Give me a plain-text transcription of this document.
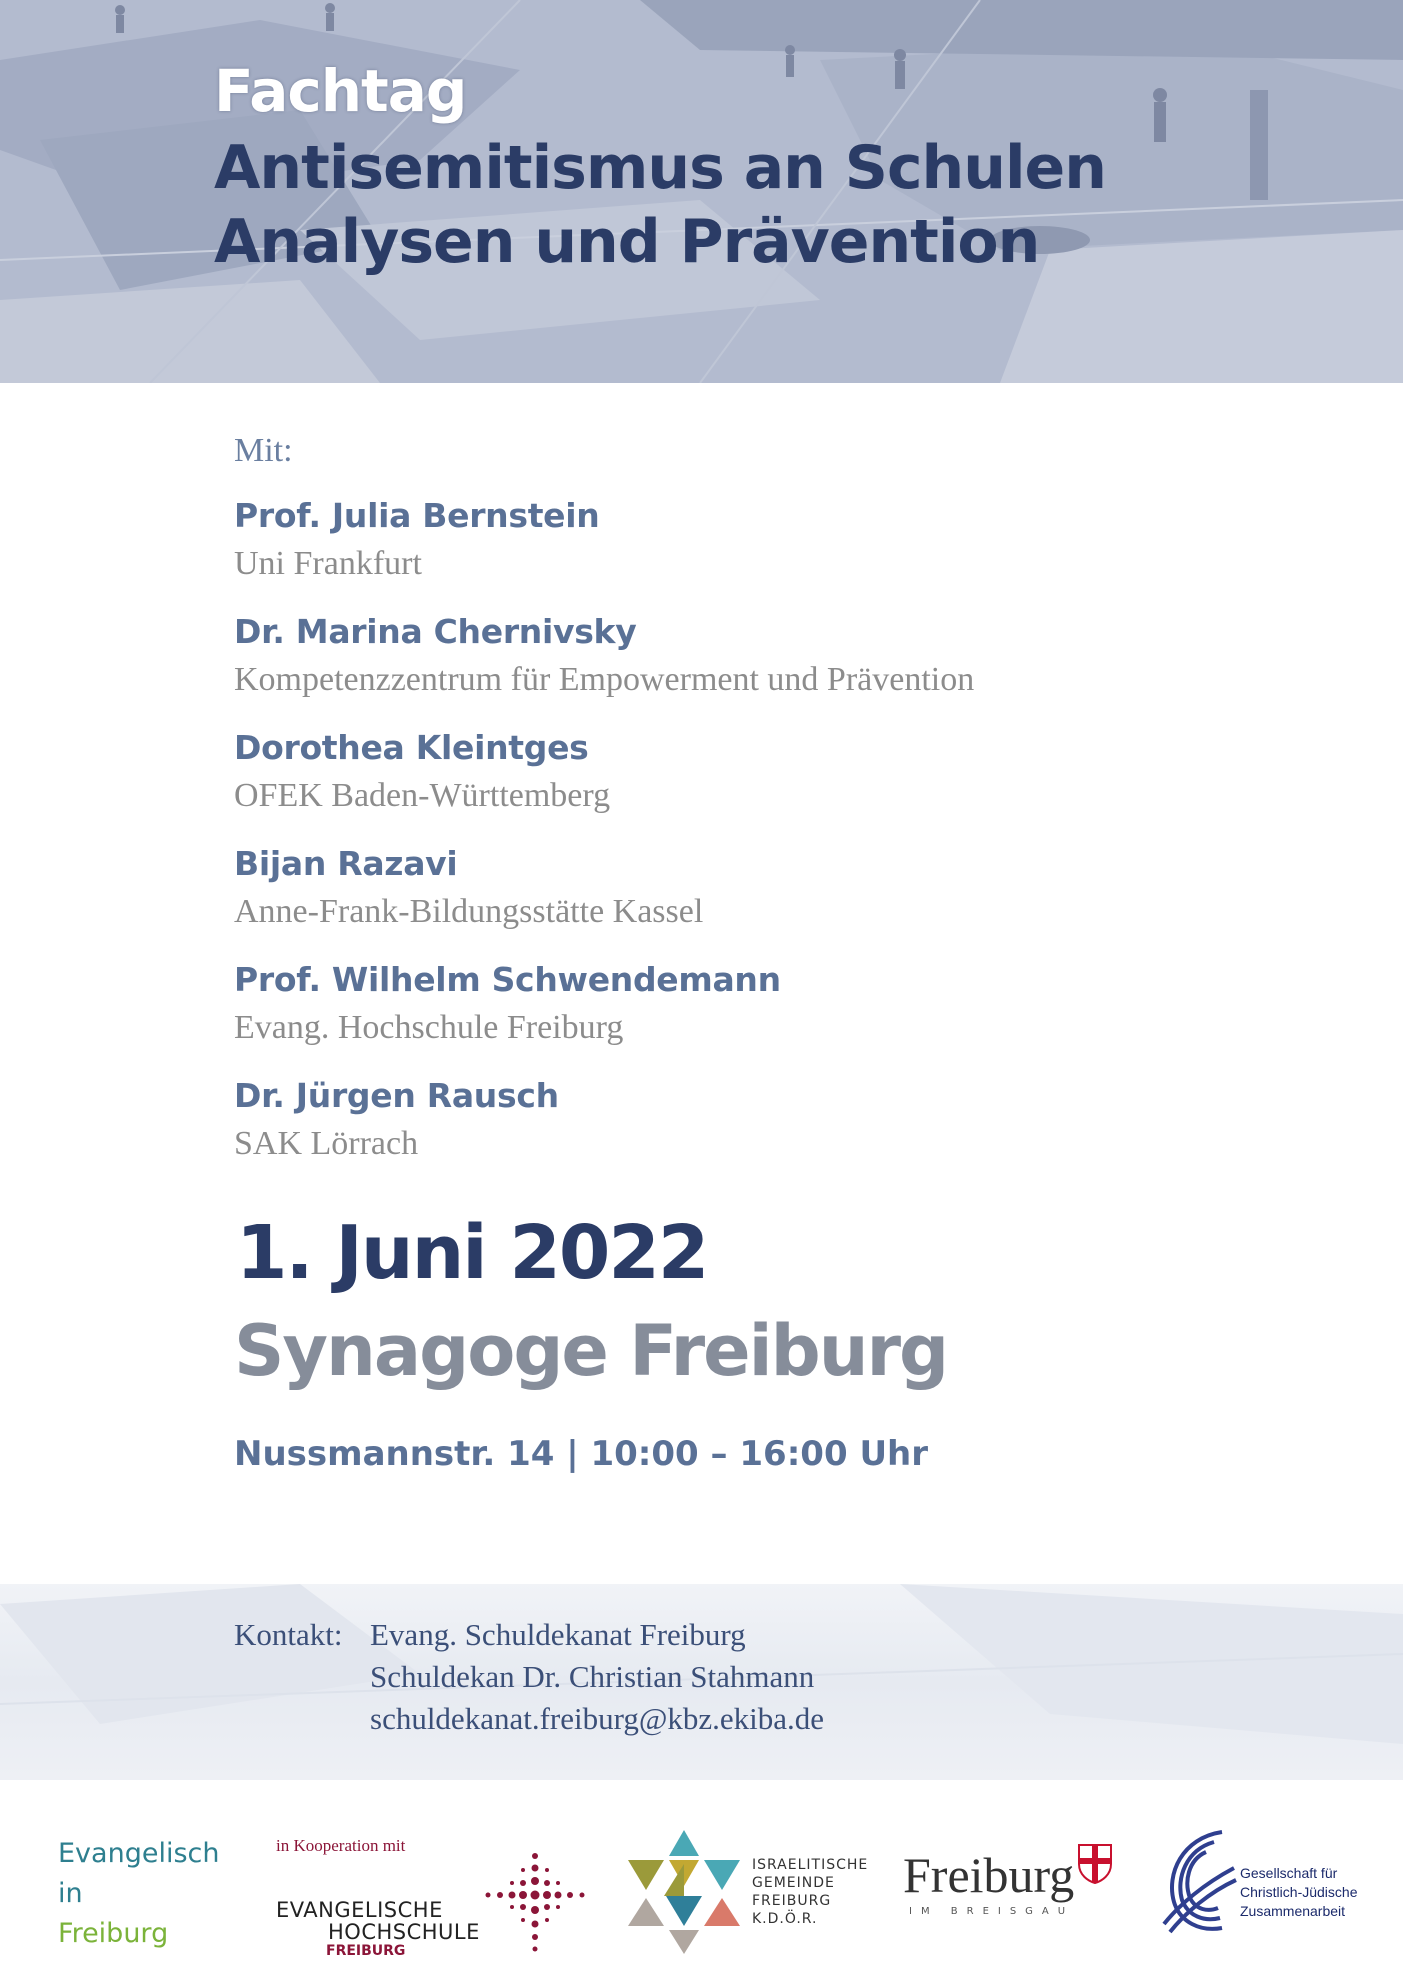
Fachtag
Antisemitismus an Schulen
Analysen und Prävention
Mit:
Prof. Julia Bernstein
Uni Frankfurt
Dr. Marina Chernivsky
Kompetenzzentrum für Empowerment und Prävention
Dorothea Kleintges
OFEK Baden-Württemberg
Bijan Razavi
Anne-Frank-Bildungsstätte Kassel
Prof. Wilhelm Schwendemann
Evang. Hochschule Freiburg
Dr. Jürgen Rausch
SAK Lörrach
1. Juni 2022
Synagoge Freiburg
Nussmannstr. 14 | 10:00 – 16:00 Uhr
Kontakt: Evang. Schuldekanat Freiburg
Schuldekan Dr. Christian Stahmann
schuldekanat.freiburg@kbz.ekiba.de
Evangelisch
in
Freiburg
in Kooperation mit
EVANGELISCHE
HOCHSCHULE
FREIBURG
ISRAELITISCHE
GEMEINDE
FREIBURG
K.D.Ö.R.
Freiburg
IM BREISGAU
Gesellschaft für
Christlich-Jüdische
Zusammenarbeit
